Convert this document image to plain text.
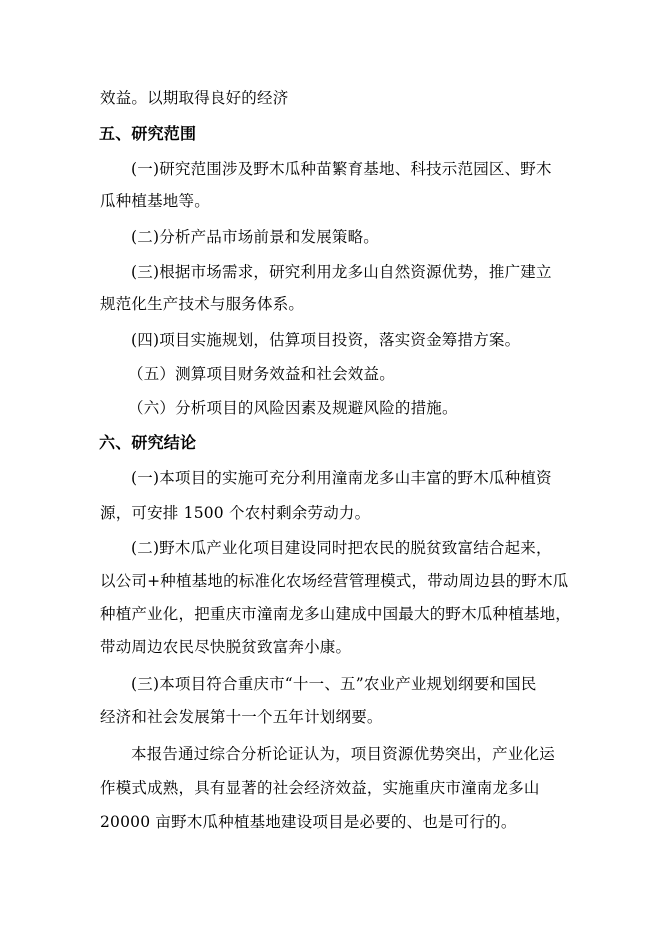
效益。以期取得良好的经济
五、研究范围
(一)研究范围涉及野木瓜种苗繁育基地、科技示范园区、野木
瓜种植基地等。
(二)分析产品市场前景和发展策略。
(三)根据市场需求，研究利用龙多山自然资源优势，推广建立
规范化生产技术与服务体系。
(四)项目实施规划，估算项目投资，落实资金筹措方案。
（五）测算项目财务效益和社会效益。
（六）分析项目的风险因素及规避风险的措施。
六、研究结论
(一)本项目的实施可充分利用潼南龙多山丰富的野木瓜种植资
源，可安排 1500 个农村剩余劳动力。
(二)野木瓜产业化项目建设同时把农民的脱贫致富结合起来，
以公司+种植基地的标准化农场经营管理模式，带动周边县的野木瓜
种植产业化，把重庆市潼南龙多山建成中国最大的野木瓜种植基地，
带动周边农民尽快脱贫致富奔小康。
(三)本项目符合重庆市“十一、五”农业产业规划纲要和国民
经济和社会发展第十一个五年计划纲要。
本报告通过综合分析论证认为，项目资源优势突出，产业化运
作模式成熟，具有显著的社会经济效益，实施重庆市潼南龙多山
20000 亩野木瓜种植基地建设项目是必要的、也是可行的。
